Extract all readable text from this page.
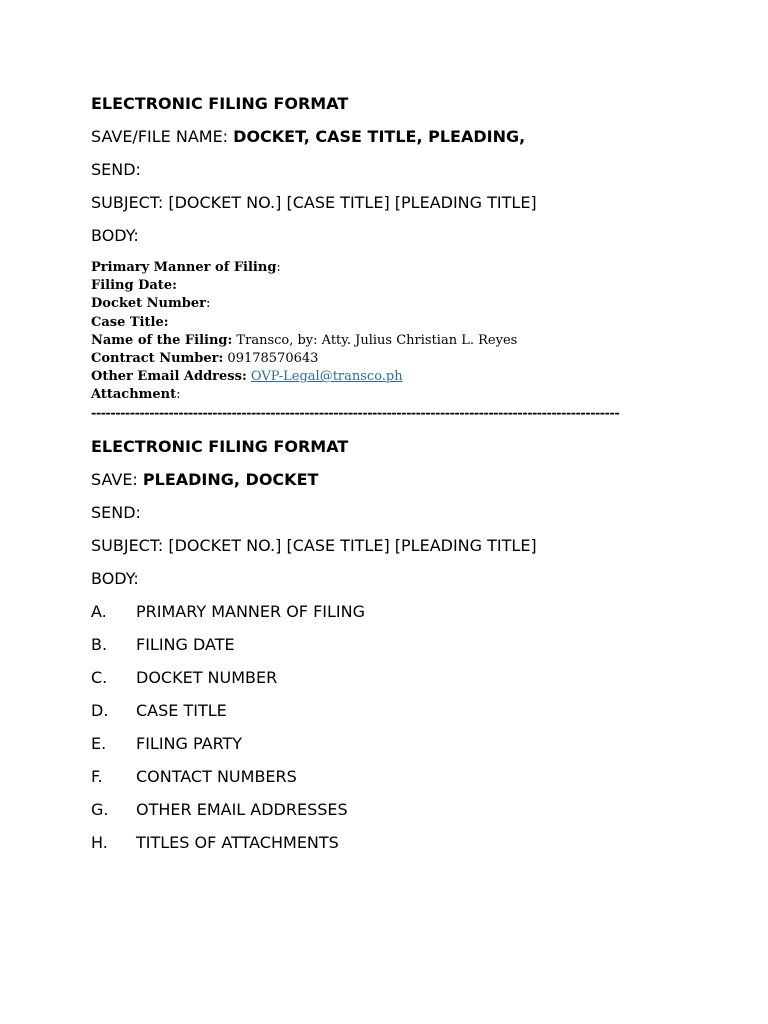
ELECTRONIC FILING FORMAT
SAVE/FILE NAME: DOCKET, CASE TITLE, PLEADING,
SEND:
SUBJECT: [DOCKET NO.] [CASE TITLE] [PLEADING TITLE]
BODY:
Primary Manner of Filing:
Filing Date:
Docket Number:
Case Title:
Name of the Filing: Transco, by: Atty. Julius Christian L. Reyes
Contract Number: 09178570643
Other Email Address: OVP-Legal@transco.ph
Attachment:
-------------------------------------------------------------------------------------------------------------
ELECTRONIC FILING FORMAT
SAVE: PLEADING, DOCKET
SEND:
SUBJECT: [DOCKET NO.] [CASE TITLE] [PLEADING TITLE]
BODY:
A. PRIMARY MANNER OF FILING
B. FILING DATE
C. DOCKET NUMBER
D. CASE TITLE
E. FILING PARTY
F. CONTACT NUMBERS
G. OTHER EMAIL ADDRESSES
H. TITLES OF ATTACHMENTS
